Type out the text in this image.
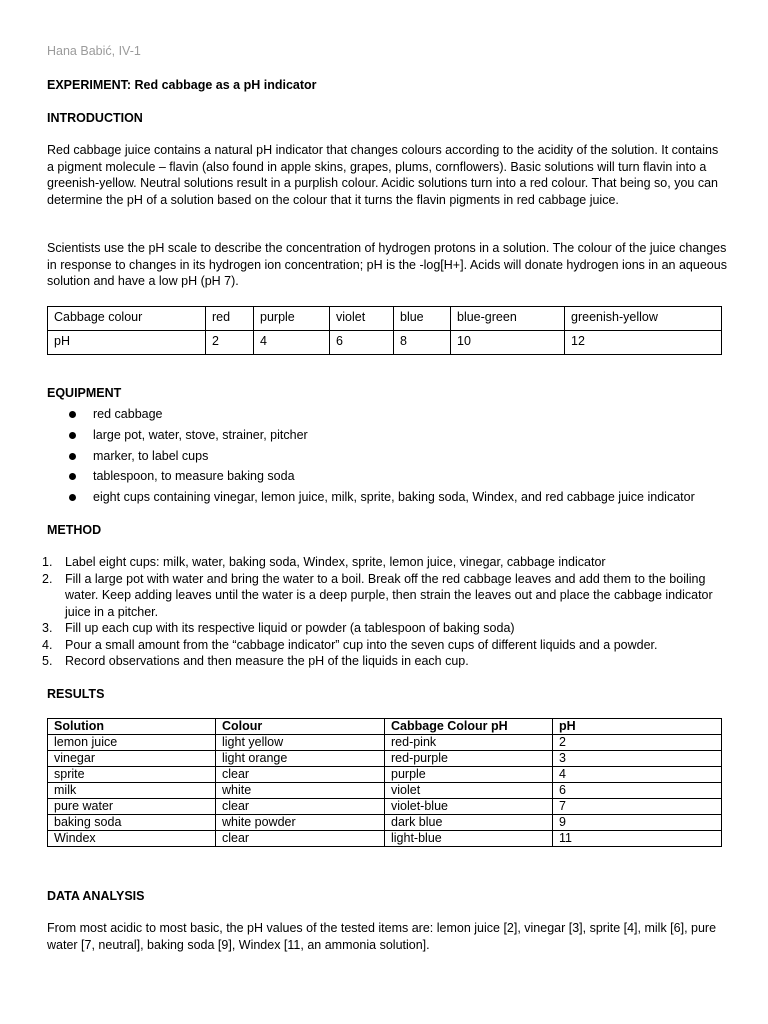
Hana Babić, IV-1
EXPERIMENT: Red cabbage as a pH indicator
INTRODUCTION
Red cabbage juice contains a natural pH indicator that changes colours according to the acidity of the solution. It contains a pigment molecule – flavin (also found in apple skins, grapes, plums, cornflowers). Basic solutions will turn flavin into a greenish-yellow. Neutral solutions result in a purplish colour. Acidic solutions turn into a red colour. That being so, you can determine the pH of a solution based on the colour that it turns the flavin pigments in red cabbage juice.
Scientists use the pH scale to describe the concentration of hydrogen protons in a solution. The colour of the juice changes in response to changes in its hydrogen ion concentration; pH is the -log[H+]. Acids will donate hydrogen ions in an aqueous solution and have a low pH (pH 7).
Cabbage colour	red	purple	violet	blue	blue-green	greenish-yellow
pH	2	4	6	8	10	12
EQUIPMENT
red cabbage
large pot, water, stove, strainer, pitcher
marker, to label cups
tablespoon, to measure baking soda
eight cups containing vinegar, lemon juice, milk, sprite, baking soda, Windex, and red cabbage juice indicator
METHOD
1. Label eight cups: milk, water, baking soda, Windex, sprite, lemon juice, vinegar, cabbage indicator
2. Fill a large pot with water and bring the water to a boil. Break off the red cabbage leaves and add them to the boiling water. Keep adding leaves until the water is a deep purple, then strain the leaves out and place the cabbage indicator juice in a pitcher.
3. Fill up each cup with its respective liquid or powder (a tablespoon of baking soda)
4. Pour a small amount from the “cabbage indicator” cup into the seven cups of different liquids and a powder.
5. Record observations and then measure the pH of the liquids in each cup.
RESULTS
Solution	Colour	Cabbage Colour pH	pH
lemon juice	light yellow	red-pink	2
vinegar	light orange	red-purple	3
sprite	clear	purple	4
milk	white	violet	6
pure water	clear	violet-blue	7
baking soda	white powder	dark blue	9
Windex	clear	light-blue	11
DATA ANALYSIS
From most acidic to most basic, the pH values of the tested items are: lemon juice [2], vinegar [3], sprite [4], milk [6], pure water [7, neutral], baking soda [9], Windex [11, an ammonia solution].
